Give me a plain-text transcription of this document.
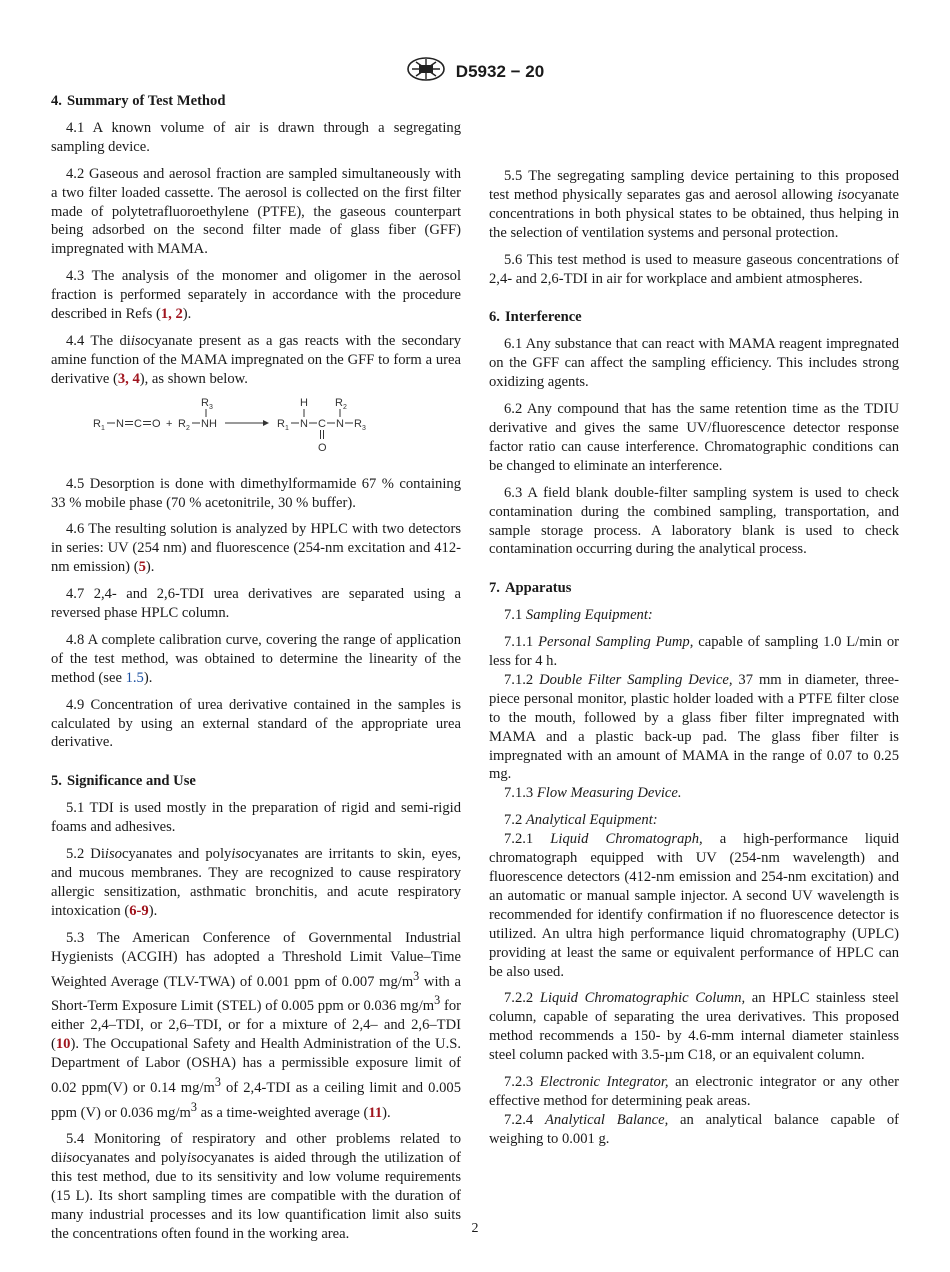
D5932 − 20
4. Summary of Test Method
4.1 A known volume of air is drawn through a segregating sampling device.
4.2 Gaseous and aerosol fraction are sampled simultaneously with a two filter loaded cassette. The aerosol is collected on the first filter made of polytetrafluoroethylene (PTFE), the gaseous counterpart being adsorbed on the second filter made of glass fiber (GFF) impregnated with MAMA.
4.3 The analysis of the monomer and oligomer in the aerosol fraction is performed separately in accordance with the procedure described in Refs (1, 2).
4.4 The diisocyanate present as a gas reacts with the secondary amine function of the MAMA impregnated on the GFF to form a urea derivative (3, 4), as shown below.
R 1 N C O + R 2 NH
R 3
R 1 N
H
C
O
N
R 2
R 3
4.5 Desorption is done with dimethylformamide 67 % containing 33 % mobile phase (70 % acetonitrile, 30 % buffer).
4.6 The resulting solution is analyzed by HPLC with two detectors in series: UV (254 nm) and fluorescence (254-nm excitation and 412-nm emission) (5).
4.7 2,4- and 2,6-TDI urea derivatives are separated using a reversed phase HPLC column.
4.8 A complete calibration curve, covering the range of application of the test method, was obtained to determine the linearity of the method (see 1.5).
4.9 Concentration of urea derivative contained in the samples is calculated by using an external standard of the appropriate urea derivative.
5. Significance and Use
5.1 TDI is used mostly in the preparation of rigid and semi-rigid foams and adhesives.
5.2 Diisocyanates and polyisocyanates are irritants to skin, eyes, and mucous membranes. They are recognized to cause respiratory allergic sensitization, asthmatic bronchitis, and acute respiratory intoxication (6-9).
5.3 The American Conference of Governmental Industrial Hygienists (ACGIH) has adopted a Threshold Limit Value–Time Weighted Average (TLV-TWA) of 0.001 ppm of 0.007 $mg/m^3$ with a Short-Term Exposure Limit (STEL) of 0.005 ppm or 0.036 $mg/m^3$ for either 2,4–TDI, or 2,6–TDI, or for a mixture of 2,4– and 2,6–TDI (10). The Occupational Safety and Health Administration of the U.S. Department of Labor (OSHA) has a permissible exposure limit of 0.02 ppm(V) or 0.14 $mg/m^3$ of 2,4-TDI as a ceiling limit and 0.005 ppm (V) or 0.036 $mg/m^3$ as a time-weighted average (11).
5.4 Monitoring of respiratory and other problems related to diisocyanates and polyisocyanates is aided through the utilization of this test method, due to its sensitivity and low volume requirements (15 L). Its short sampling times are compatible with the duration of many industrial processes and its low quantification limit also suits the concentrations often found in the working area.
5.5 The segregating sampling device pertaining to this proposed test method physically separates gas and aerosol allowing isocyanate concentrations in both physical states to be obtained, thus helping in the selection of ventilation systems and personal protection.
5.6 This test method is used to measure gaseous concentrations of 2,4- and 2,6-TDI in air for workplace and ambient atmospheres.
6. Interference
6.1 Any substance that can react with MAMA reagent impregnated on the GFF can affect the sampling efficiency. This includes strong oxidizing agents.
6.2 Any compound that has the same retention time as the TDIU derivative and gives the same UV/fluorescence detector response factor ratio can cause interference. Chromatographic conditions can be changed to eliminate an interference.
6.3 A field blank double-filter sampling system is used to check contamination during the combined sampling, transportation, and sample storage process. A laboratory blank is used to check contamination occurring during the analytical process.
7. Apparatus
7.1 Sampling Equipment:
7.1.1 Personal Sampling Pump, capable of sampling 1.0 L/min or less for 4 h.
7.1.2 Double Filter Sampling Device, 37 mm in diameter, three-piece personal monitor, plastic holder loaded with a PTFE filter close to the mouth, followed by a glass fiber filter impregnated with MAMA and a plastic back-up pad. The glass fiber filter is impregnated with an amount of MAMA in the range of 0.07 to 0.25 mg.
7.1.3 Flow Measuring Device.
7.2 Analytical Equipment:
7.2.1 Liquid Chromatograph, a high-performance liquid chromatograph equipped with UV (254-nm wavelength) and fluorescence detectors (412-nm emission and 254-nm excitation) and an automatic or manual sample injector. A second UV wavelength is recommended for identify confirmation if no fluorescence detector is utilized. An ultra high performance liquid chromatography (UPLC) providing at least the same or equivalent performance of HPLC can be also used.
7.2.2 Liquid Chromatographic Column, an HPLC stainless steel column, capable of separating the urea derivatives. This proposed method recommends a 150- by 4.6-mm internal diameter stainless steel column packed with 3.5-µm C18, or an equivalent column.
7.2.3 Electronic Integrator, an electronic integrator or any other effective method for determining peak areas.
7.2.4 Analytical Balance, an analytical balance capable of weighing to 0.001 g.
2
